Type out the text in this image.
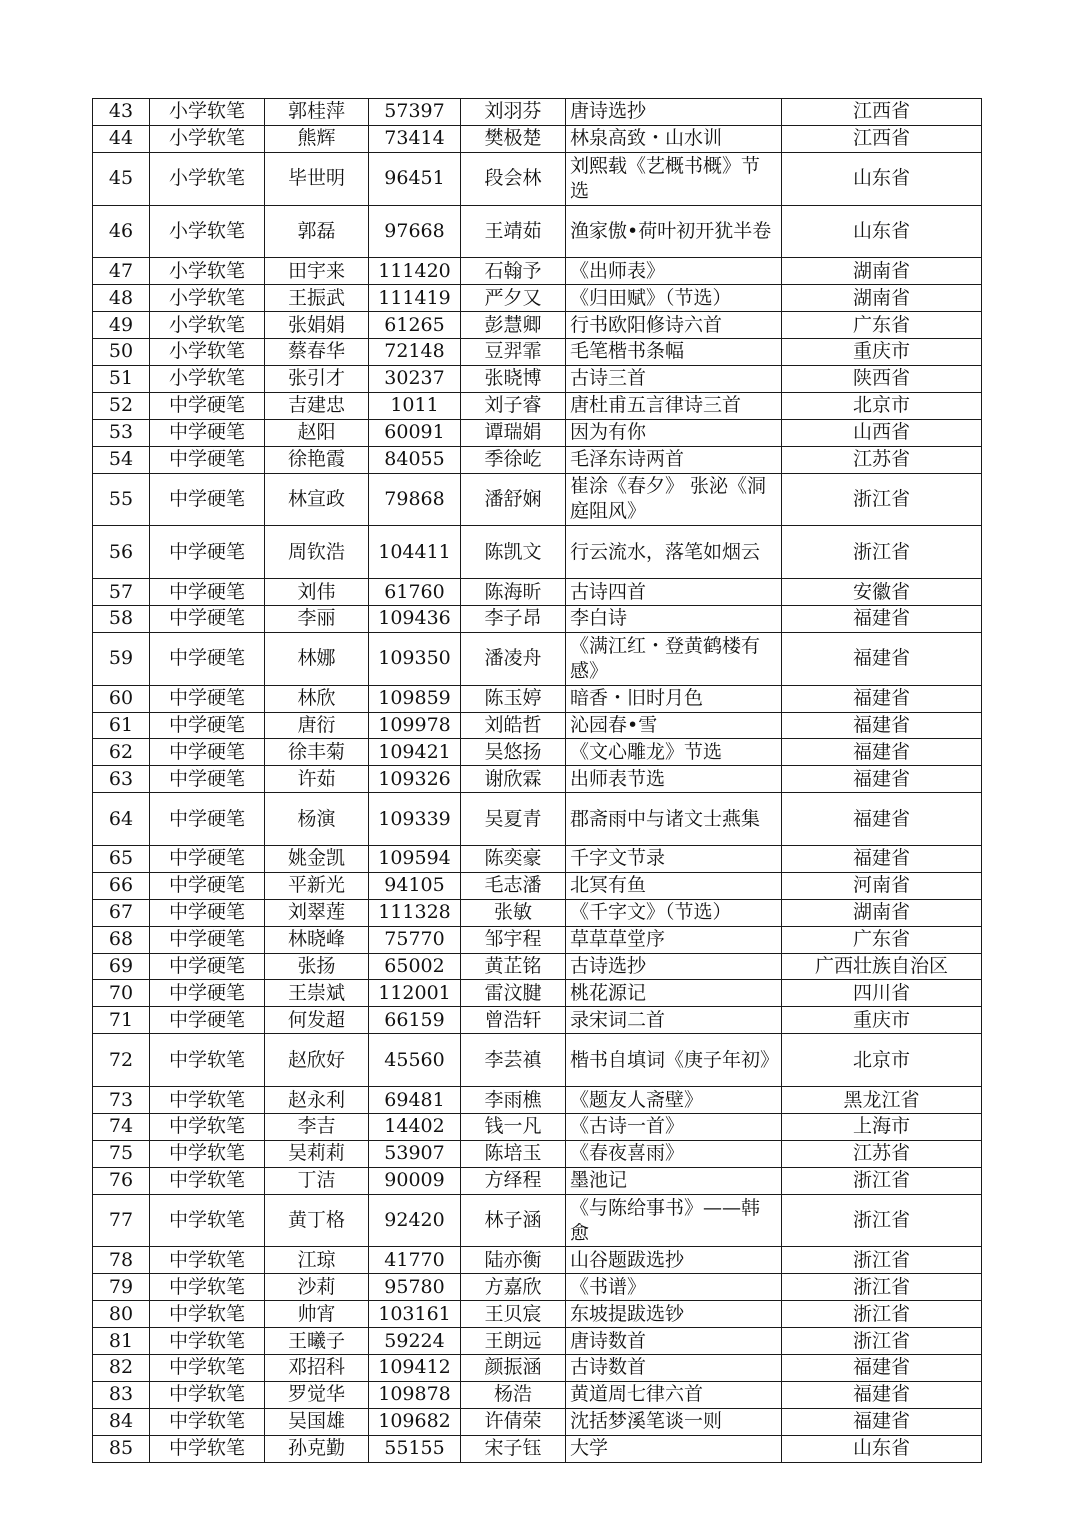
43	小学软笔	郭桂萍	57397	刘羽芬	唐诗选抄	江西省
44	小学软笔	熊辉	73414	樊极楚	林泉高致・山水训	江西省
45	小学软笔	毕世明	96451	段会林	刘熙载《艺概书概》节选	山东省
46	小学软笔	郭磊	97668	王靖茹	渔家傲•荷叶初开犹半卷	山东省
47	小学软笔	田宇来	111420	石翰予	《出师表》	湖南省
48	小学软笔	王振武	111419	严夕又	《归田赋》（节选）	湖南省
49	小学软笔	张娟娟	61265	彭慧卿	行书欧阳修诗六首	广东省
50	小学软笔	蔡春华	72148	豆羿霏	毛笔楷书条幅	重庆市
51	小学软笔	张引才	30237	张晓博	古诗三首	陕西省
52	中学硬笔	吉建忠	1011	刘子睿	唐杜甫五言律诗三首	北京市
53	中学硬笔	赵阳	60091	谭瑞娟	因为有你	山西省
54	中学硬笔	徐艳霞	84055	季徐屹	毛泽东诗两首	江苏省
55	中学硬笔	林宣政	79868	潘舒娴	崔涂《春夕》 张泌《洞庭阻风》	浙江省
56	中学硬笔	周钦浩	104411	陈凯文	行云流水，落笔如烟云	浙江省
57	中学硬笔	刘伟	61760	陈海昕	古诗四首	安徽省
58	中学硬笔	李丽	109436	李子昂	李白诗	福建省
59	中学硬笔	林娜	109350	潘凌舟	《满江红・登黄鹤楼有感》	福建省
60	中学硬笔	林欣	109859	陈玉婷	暗香・旧时月色	福建省
61	中学硬笔	唐衍	109978	刘皓哲	沁园春•雪	福建省
62	中学硬笔	徐丰菊	109421	吴悠扬	《文心雕龙》节选	福建省
63	中学硬笔	许茹	109326	谢欣霖	出师表节选	福建省
64	中学硬笔	杨演	109339	吴夏青	郡斋雨中与诸文士燕集	福建省
65	中学硬笔	姚金凯	109594	陈奕豪	千字文节录	福建省
66	中学硬笔	平新光	94105	毛志潘	北冥有鱼	河南省
67	中学硬笔	刘翠莲	111328	张敏	《千字文》（节选）	湖南省
68	中学硬笔	林晓峰	75770	邹宇程	草草草堂序	广东省
69	中学硬笔	张扬	65002	黄芷铭	古诗选抄	广西壮族自治区
70	中学硬笔	王崇斌	112001	雷汶腱	桃花源记	四川省
71	中学硬笔	何发超	66159	曾浩轩	录宋词二首	重庆市
72	中学软笔	赵欣好	45560	李芸禛	楷书自填词《庚子年初》	北京市
73	中学软笔	赵永利	69481	李雨樵	《题友人斋壁》	黑龙江省
74	中学软笔	李吉	14402	钱一凡	《古诗一首》	上海市
75	中学软笔	吴莉莉	53907	陈培玉	《春夜喜雨》	江苏省
76	中学软笔	丁洁	90009	方绎程	墨池记	浙江省
77	中学软笔	黄丁格	92420	林子涵	《与陈给事书》——韩愈	浙江省
78	中学软笔	江琼	41770	陆亦衡	山谷题跋选抄	浙江省
79	中学软笔	沙莉	95780	方嘉欣	《书谱》	浙江省
80	中学软笔	帅宵	103161	王贝宸	东坡提跋选钞	浙江省
81	中学软笔	王曦子	59224	王朗远	唐诗数首	浙江省
82	中学软笔	邓招科	109412	颜振涵	古诗数首	福建省
83	中学软笔	罗觉华	109878	杨浩	黄道周七律六首	福建省
84	中学软笔	吴国雄	109682	许倩荣	沈括梦溪笔谈一则	福建省
85	中学软笔	孙克勤	55155	宋子钰	大学	山东省
